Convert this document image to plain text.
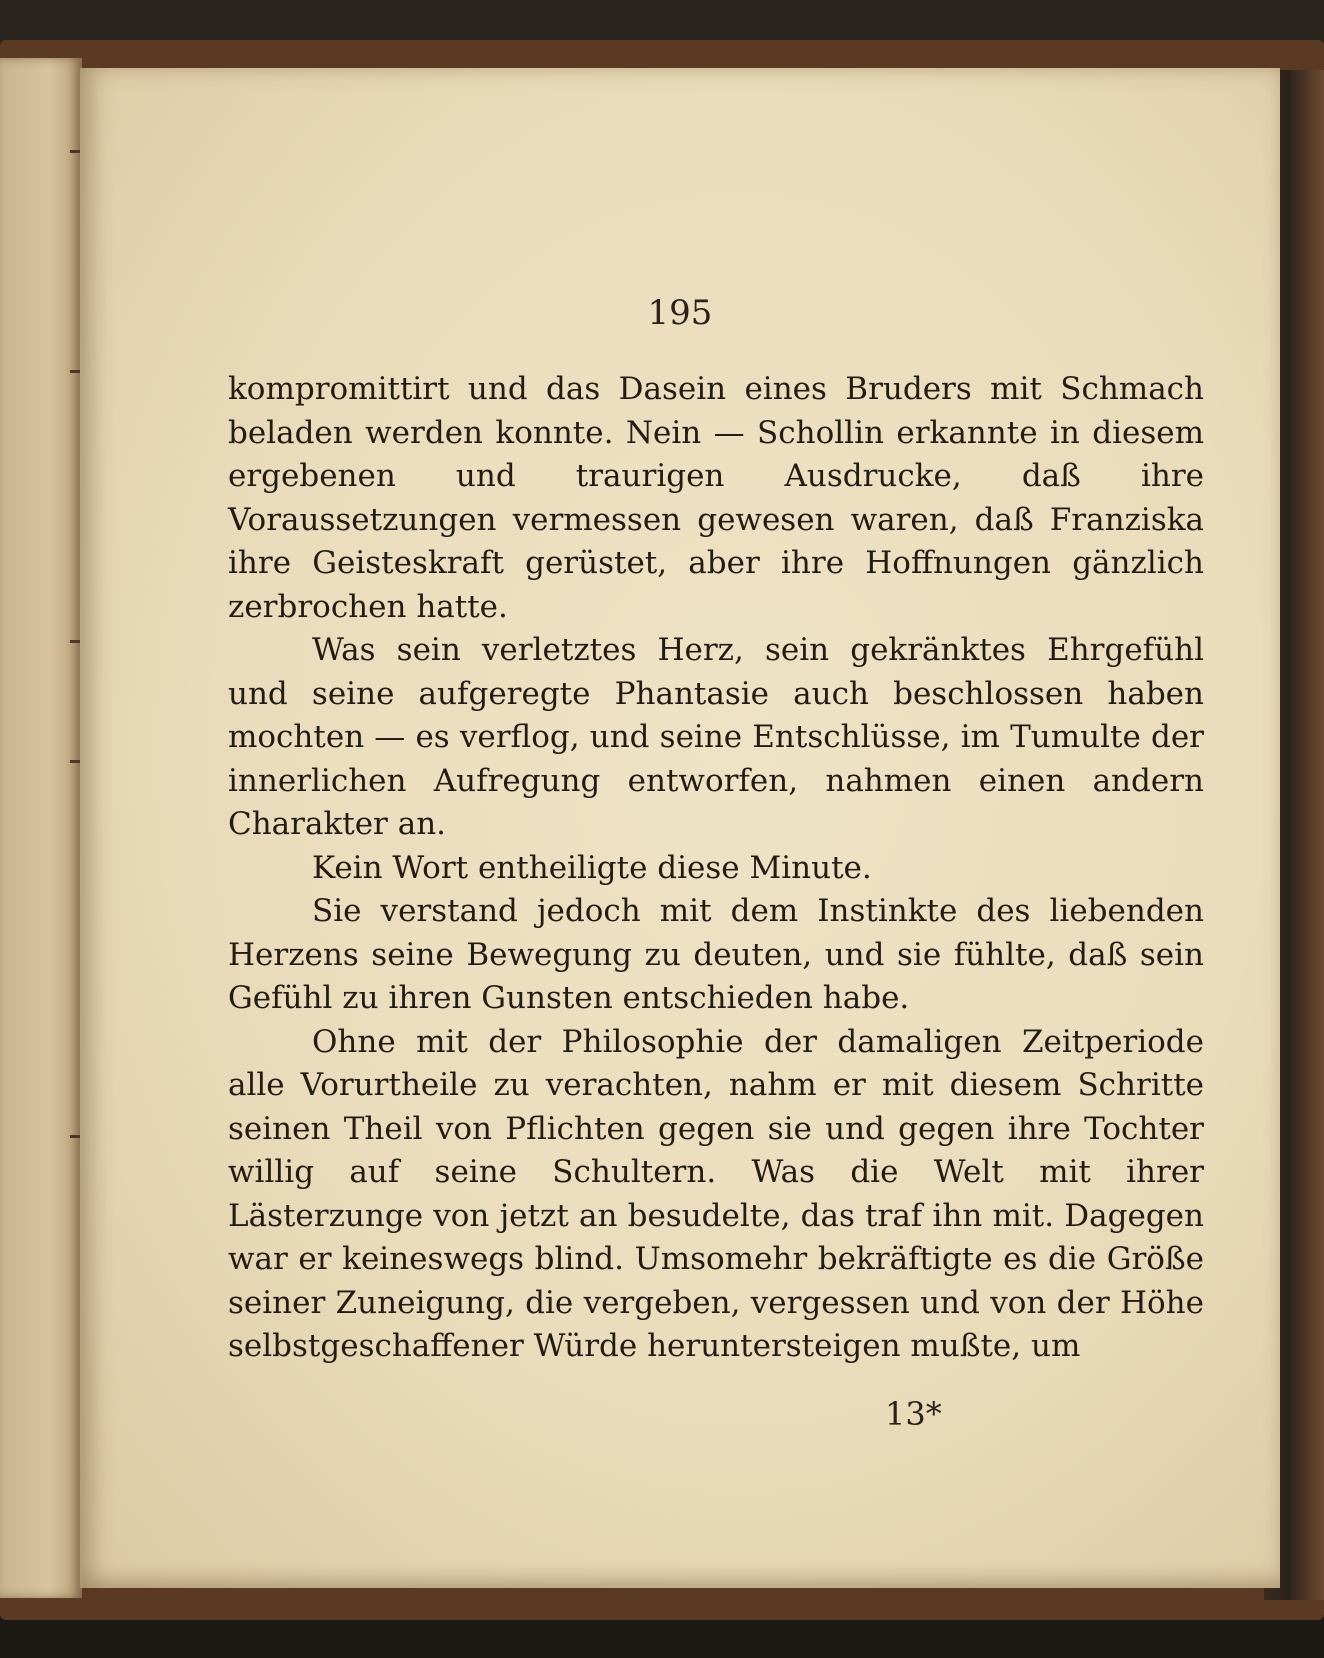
195

kompromittirt und das Dasein eines Bruders mit Schmach beladen werden konnte. Nein — Schollin erkannte in diesem ergebenen und traurigen Ausdrucke, daß ihre Voraussetzungen vermessen gewesen waren, daß Franziska ihre Geisteskraft gerüstet, aber ihre Hoffnungen gänzlich zerbrochen hatte.

Was sein verletztes Herz, sein gekränktes Ehrgefühl und seine aufgeregte Phantasie auch beschlossen haben mochten — es verflog, und seine Entschlüsse, im Tumulte der innerlichen Aufregung entworfen, nahmen einen andern Charakter an.

Kein Wort entheiligte diese Minute.

Sie verstand jedoch mit dem Instinkte des liebenden Herzens seine Bewegung zu deuten, und sie fühlte, daß sein Gefühl zu ihren Gunsten entschieden habe.

Ohne mit der Philosophie der damaligen Zeitperiode alle Vorurtheile zu verachten, nahm er mit diesem Schritte seinen Theil von Pflichten gegen sie und gegen ihre Tochter willig auf seine Schultern. Was die Welt mit ihrer Lästerzunge von jetzt an besudelte, das traf ihn mit. Dagegen war er keineswegs blind. Umsomehr bekräftigte es die Größe seiner Zuneigung, die vergeben, vergessen und von der Höhe selbstgeschaffener Würde heruntersteigen mußte, um

13*
